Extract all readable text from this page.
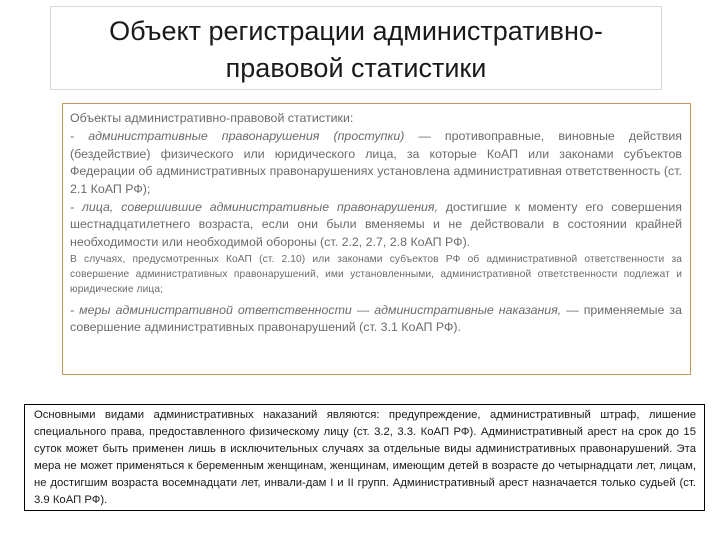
Объект регистрации административно-
правовой статистики

Объекты административно-правовой статистики:

- административные правонарушения (проступки) — противоправные, виновные действия (бездействие) физического или юридического лица, за которые КоАП или законами субъектов Федерации об административных правонарушениях установлена административная ответственность (ст. 2.1 КоАП РФ);

- лица, совершившие административные правонарушения, достигшие к моменту его совершения шестнадцатилетнего возраста, если они были вменяемы и не действовали в состоянии крайней необходимости или необходимой обороны (ст. 2.2, 2.7, 2.8 КоАП РФ).

В случаях, предусмотренных КоАП (ст. 2.10) или законами субъектов РФ об административной ответственности за совершение административных правонарушений, ими установленными, административной ответственности подлежат и юридические лица;

- меры административной ответственности — административные наказания, — применяемые за совершение административных правонарушений (ст. 3.1 КоАП РФ).

Основными видами административных наказаний являются: предупреждение, административный штраф, лишение специального права, предоставленного физическому лицу (ст. 3.2, 3.3. КоАП РФ). Административный арест на срок до 15 суток может быть применен лишь в исключительных случаях за отдельные виды административных правонарушений. Эта мера не может применяться к беременным женщинам, женщинам, имеющим детей в возрасте до четырнадцати лет, лицам, не достигшим возраста восемнадцати лет, инвали-дам I и II групп. Административный арест назначается только судьей (ст. 3.9 КоАП РФ).
